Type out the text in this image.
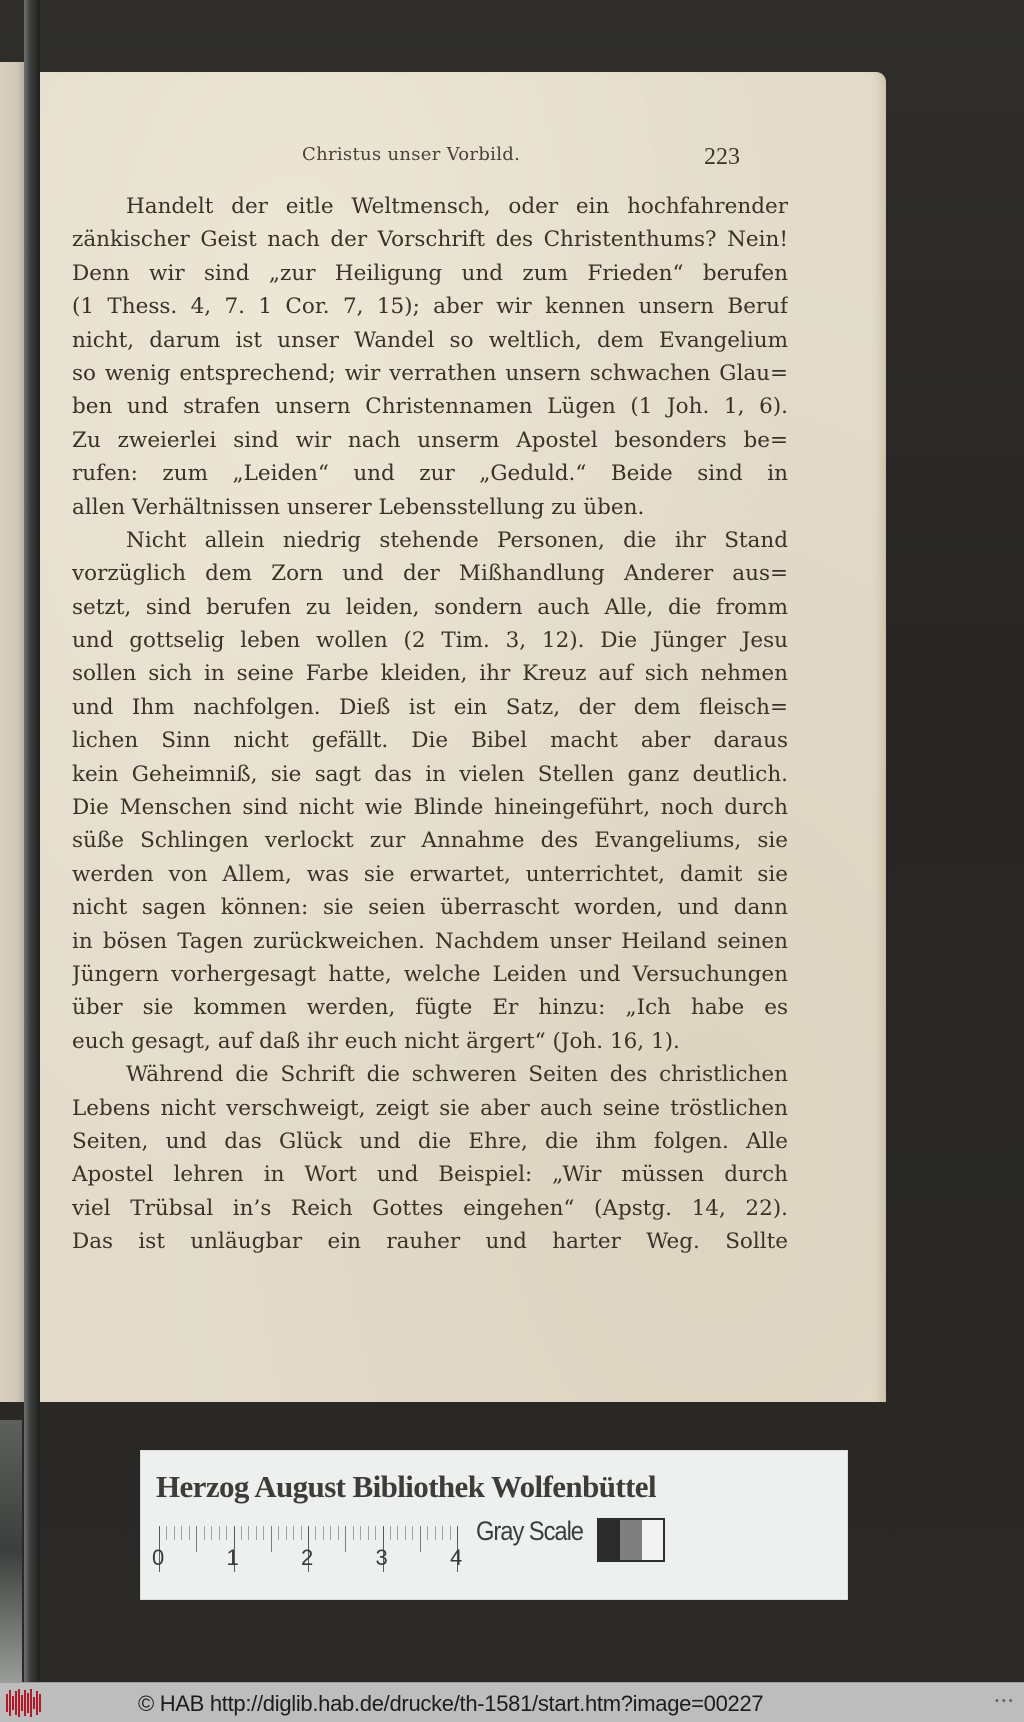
Christus unser Vorbild.	223
Handelt der eitle Weltmensch, oder ein hochfahrender
zänkischer Geist nach der Vorschrift des Christenthums? Nein!
Denn wir sind „zur Heiligung und zum Frieden“ berufen
(1 Thess. 4, 7. 1 Cor. 7, 15); aber wir kennen unsern Beruf
nicht, darum ist unser Wandel so weltlich, dem Evangelium
so wenig entsprechend; wir verrathen unsern schwachen Glau=
ben und strafen unsern Christennamen Lügen (1 Joh. 1, 6).
Zu zweierlei sind wir nach unserm Apostel besonders be=
rufen: zum „Leiden“ und zur „Geduld.“ Beide sind in
allen Verhältnissen unserer Lebensstellung zu üben.
Nicht allein niedrig stehende Personen, die ihr Stand
vorzüglich dem Zorn und der Mißhandlung Anderer aus=
setzt, sind berufen zu leiden, sondern auch Alle, die fromm
und gottselig leben wollen (2 Tim. 3, 12). Die Jünger Jesu
sollen sich in seine Farbe kleiden, ihr Kreuz auf sich nehmen
und Ihm nachfolgen. Dieß ist ein Satz, der dem fleisch=
lichen Sinn nicht gefällt. Die Bibel macht aber daraus
kein Geheimniß, sie sagt das in vielen Stellen ganz deutlich.
Die Menschen sind nicht wie Blinde hineingeführt, noch durch
süße Schlingen verlockt zur Annahme des Evangeliums, sie
werden von Allem, was sie erwartet, unterrichtet, damit sie
nicht sagen können: sie seien überrascht worden, und dann
in bösen Tagen zurückweichen. Nachdem unser Heiland seinen
Jüngern vorhergesagt hatte, welche Leiden und Versuchungen
über sie kommen werden, fügte Er hinzu: „Ich habe es
euch gesagt, auf daß ihr euch nicht ärgert“ (Joh. 16, 1).
Während die Schrift die schweren Seiten des christlichen
Lebens nicht verschweigt, zeigt sie aber auch seine tröstlichen
Seiten, und das Glück und die Ehre, die ihm folgen. Alle
Apostel lehren in Wort und Beispiel: „Wir müssen durch
viel Trübsal in’s Reich Gottes eingehen“ (Apstg. 14, 22).
Das ist unläugbar ein rauher und harter Weg. Sollte
Herzog August Bibliothek Wolfenbüttel
Gray Scale
0	1	2	3	4
© HAB http://diglib.hab.de/drucke/th-1581/start.htm?image=00227	•••
